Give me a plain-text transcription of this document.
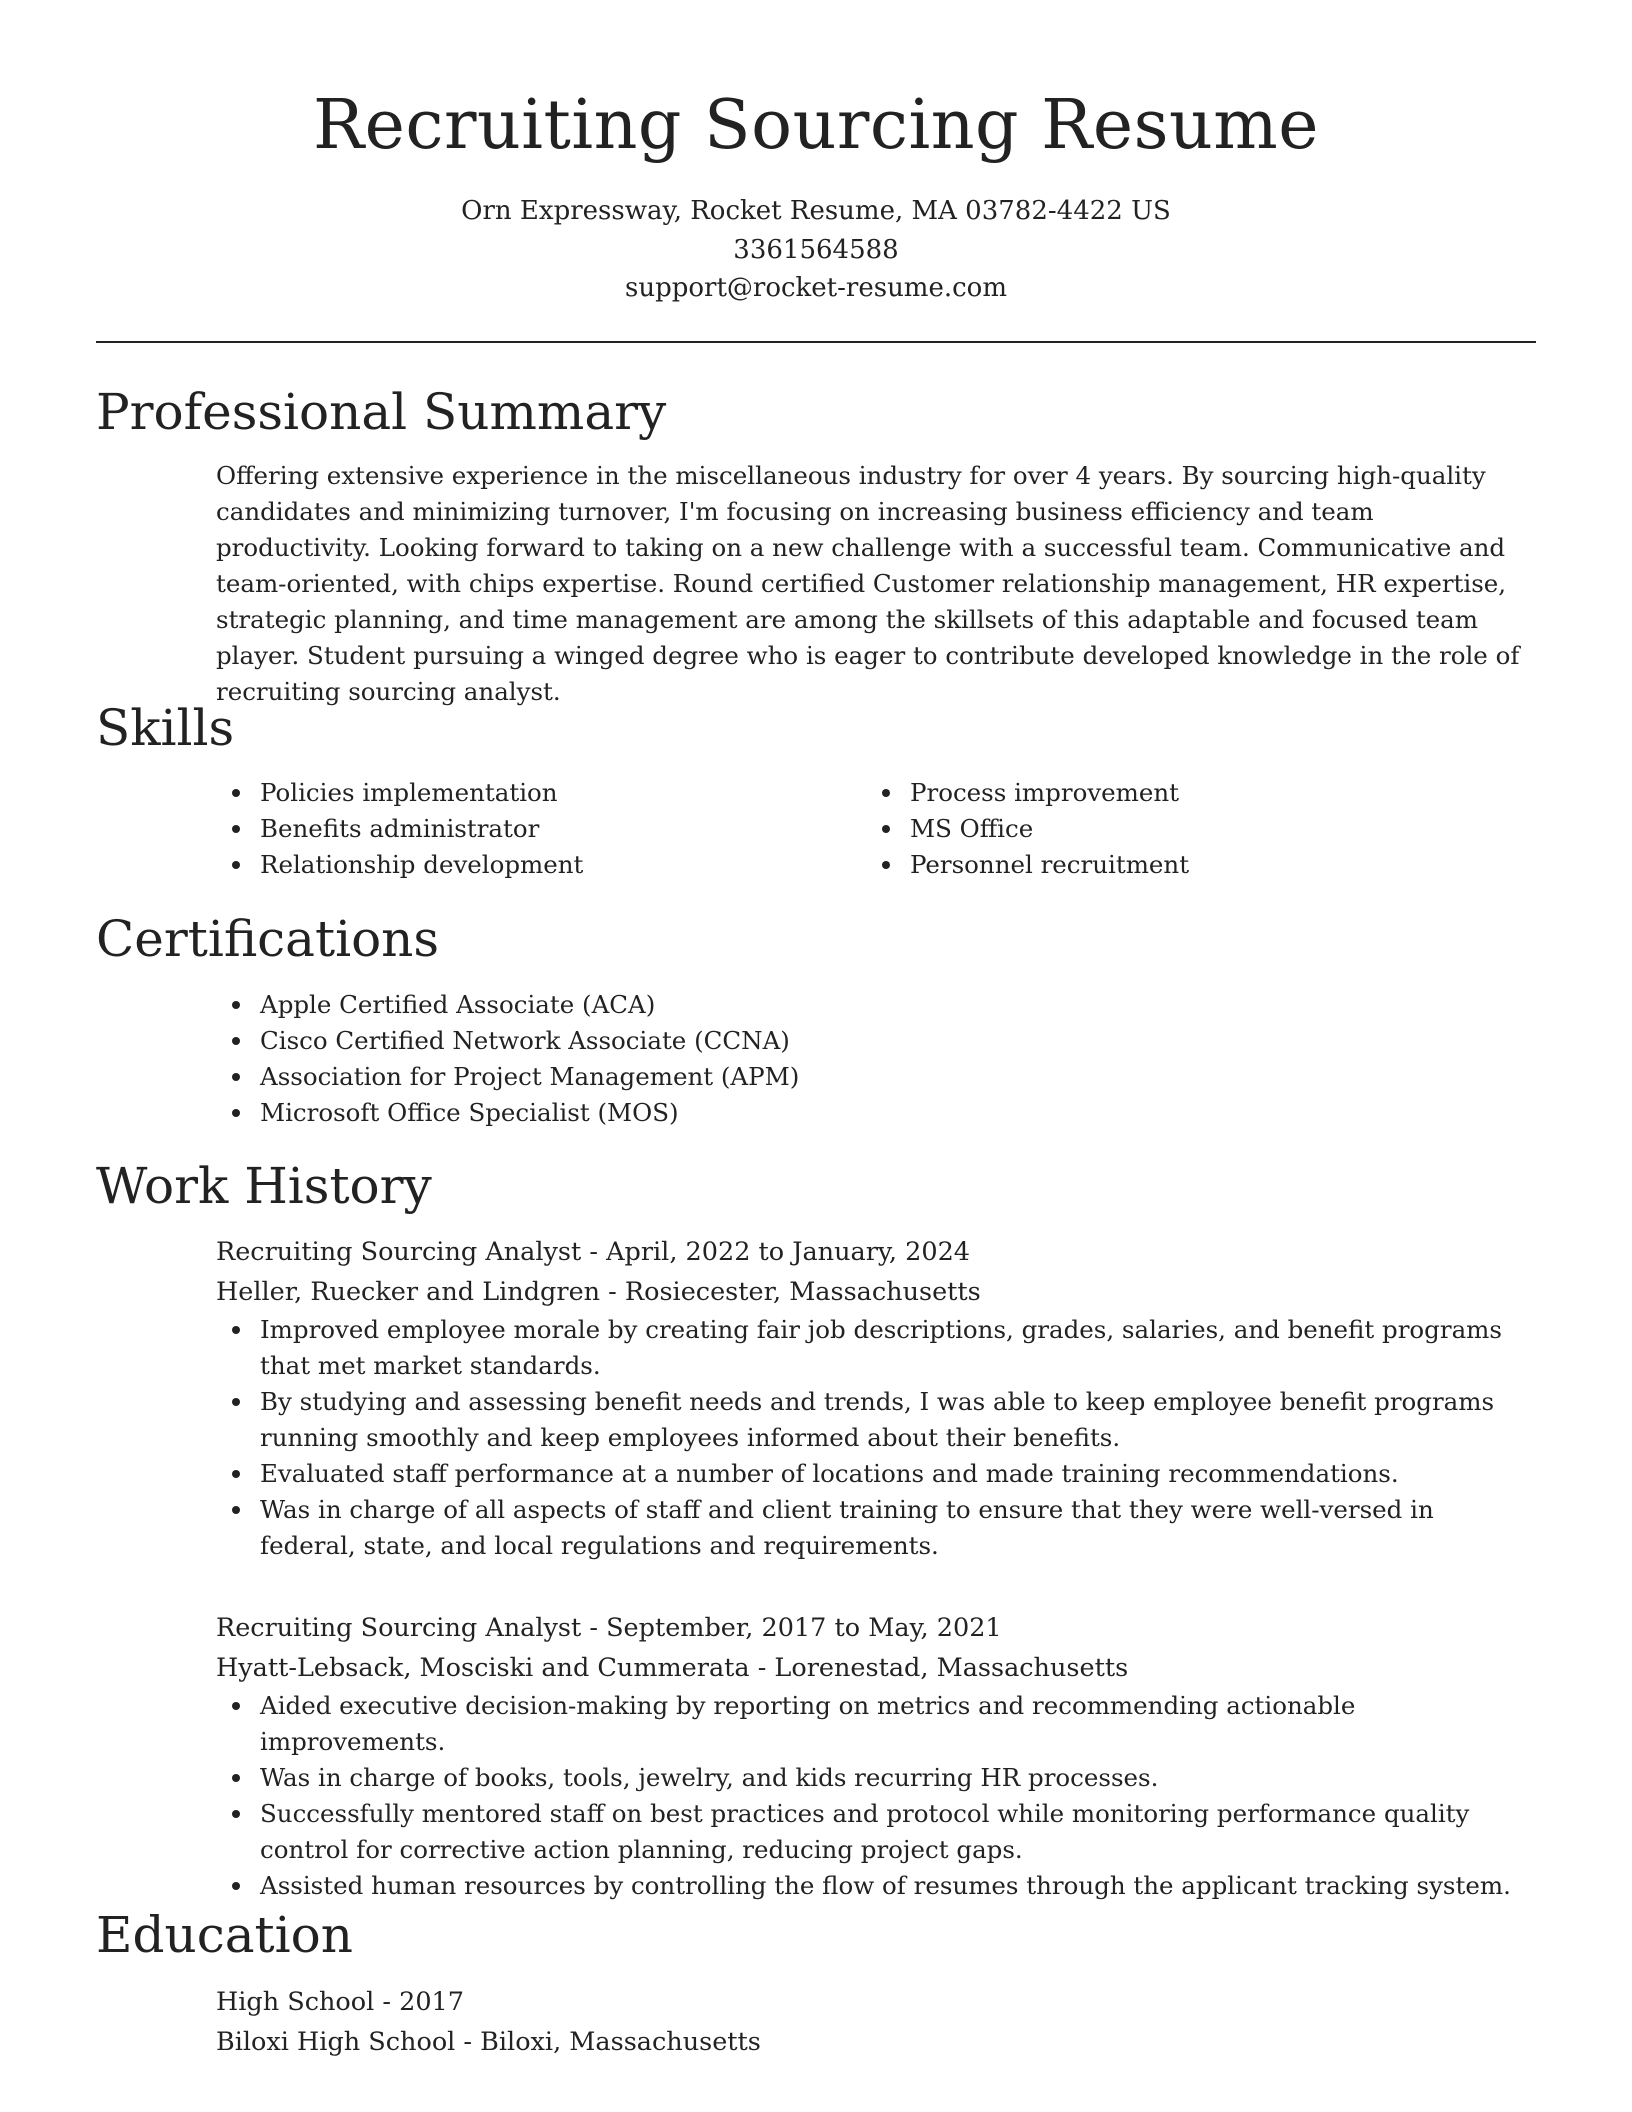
Recruiting Sourcing Resume
Orn Expressway, Rocket Resume, MA 03782-4422 US
3361564588
support@rocket-resume.com
Professional Summary

Offering extensive experience in the miscellaneous industry for over 4 years. By sourcing high-quality candidates and minimizing turnover, I'm focusing on increasing business efficiency and team productivity. Looking forward to taking on a new challenge with a successful team. Communicative and team-oriented, with chips expertise. Round certified Customer relationship management, HR expertise, strategic planning, and time management are among the skillsets of this adaptable and focused team player. Student pursuing a winged degree who is eager to contribute developed knowledge in the role of recruiting sourcing analyst.

Skills
Policies implementation
Benefits administrator
Relationship development
Process improvement
MS Office
Personnel recruitment
Certifications
Apple Certified Associate (ACA)
Cisco Certified Network Associate (CCNA)
Association for Project Management (APM)
Microsoft Office Specialist (MOS)
Work History
Recruiting Sourcing Analyst - April, 2022 to January, 2024
Heller, Ruecker and Lindgren - Rosiecester, Massachusetts
Improved employee morale by creating fair job descriptions, grades, salaries, and benefit programs that met market standards.
By studying and assessing benefit needs and trends, I was able to keep employee benefit programs running smoothly and keep employees informed about their benefits.
Evaluated staff performance at a number of locations and made training recommendations.
Was in charge of all aspects of staff and client training to ensure that they were well-versed in federal, state, and local regulations and requirements.
Recruiting Sourcing Analyst - September, 2017 to May, 2021
Hyatt-Lebsack, Mosciski and Cummerata - Lorenestad, Massachusetts
Aided executive decision-making by reporting on metrics and recommending actionable improvements.
Was in charge of books, tools, jewelry, and kids recurring HR processes.
Successfully mentored staff on best practices and protocol while monitoring performance quality control for corrective action planning, reducing project gaps.
Assisted human resources by controlling the flow of resumes through the applicant tracking system.
Education
High School - 2017
Biloxi High School - Biloxi, Massachusetts
